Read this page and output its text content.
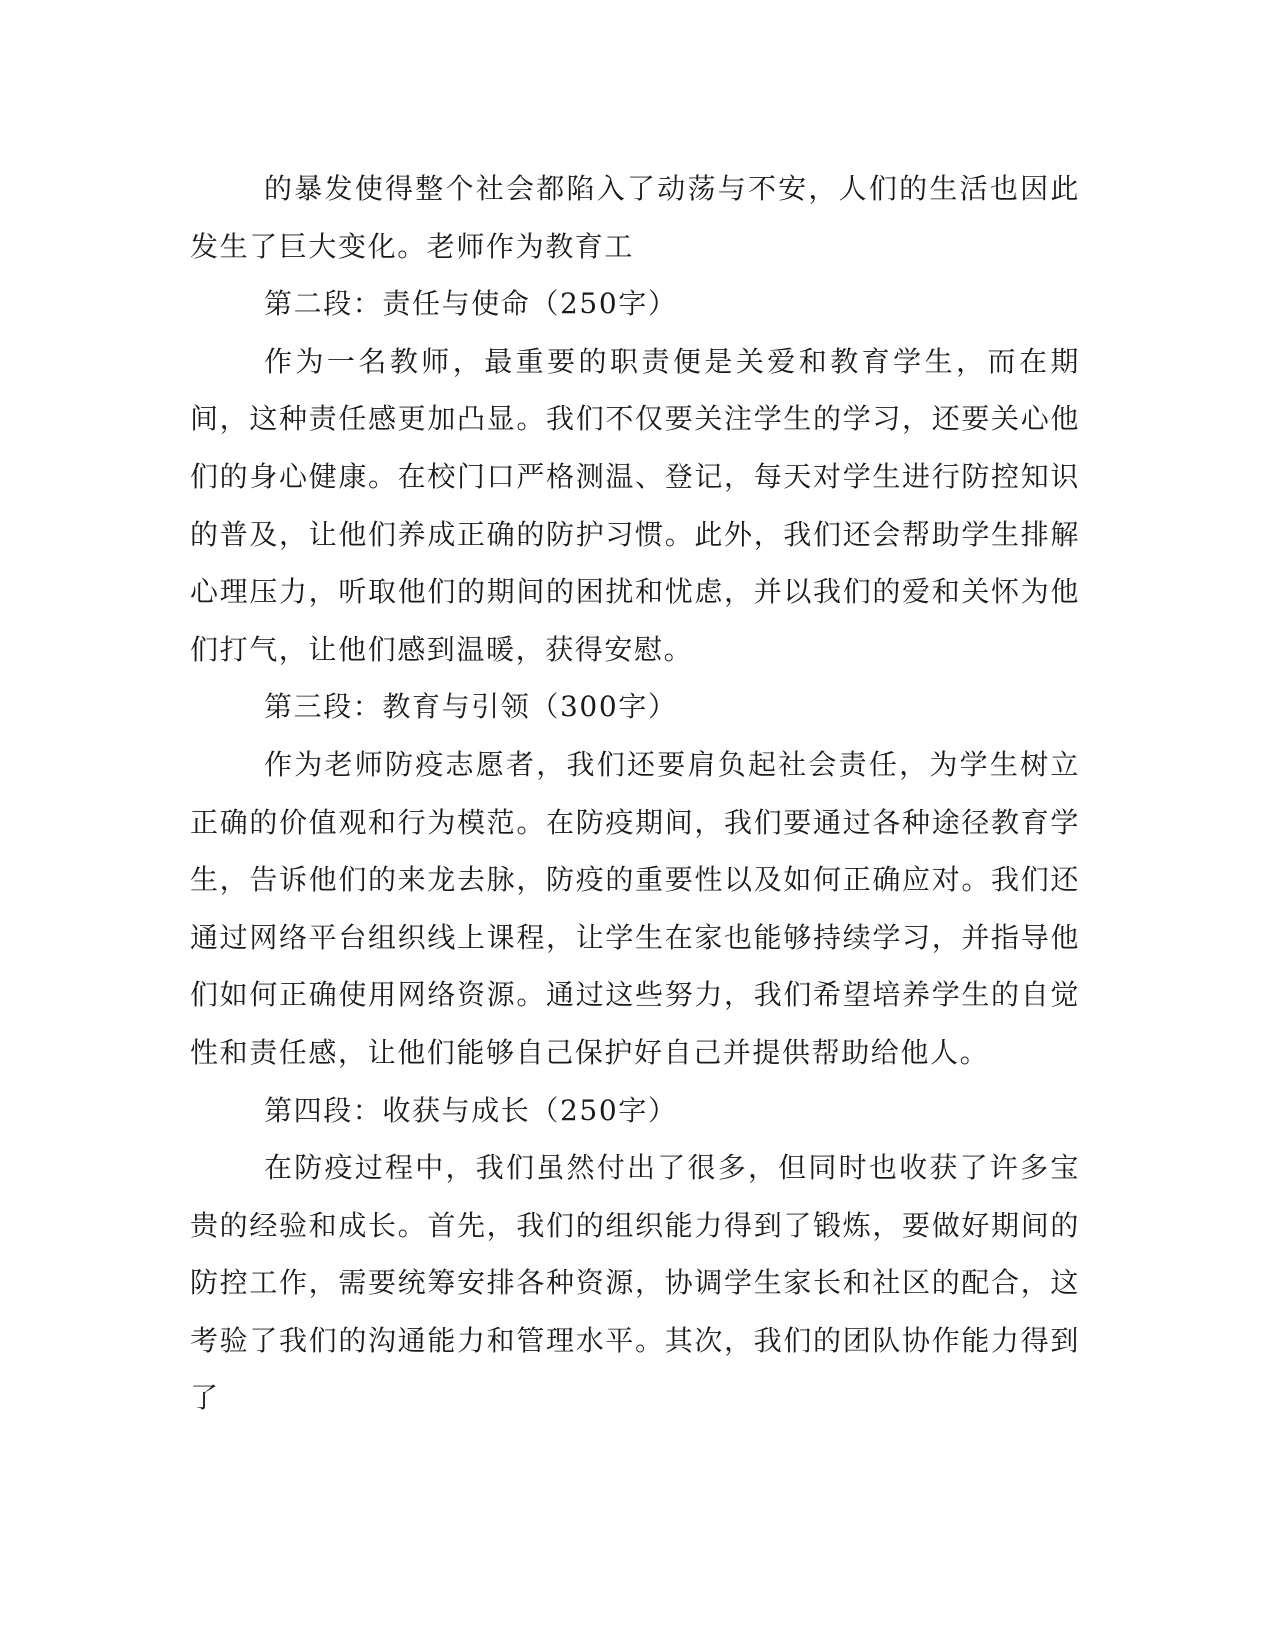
的暴发使得整个社会都陷入了动荡与不安，人们的生活也因此发生了巨大变化。老师作为教育工

第二段：责任与使命（250字）

作为一名教师，最重要的职责便是关爱和教育学生，而在期间，这种责任感更加凸显。我们不仅要关注学生的学习，还要关心他们的身心健康。在校门口严格测温、登记，每天对学生进行防控知识的普及，让他们养成正确的防护习惯。此外，我们还会帮助学生排解心理压力，听取他们的期间的困扰和忧虑，并以我们的爱和关怀为他们打气，让他们感到温暖，获得安慰。

第三段：教育与引领（300字）

作为老师防疫志愿者，我们还要肩负起社会责任，为学生树立正确的价值观和行为模范。在防疫期间，我们要通过各种途径教育学生，告诉他们的来龙去脉，防疫的重要性以及如何正确应对。我们还通过网络平台组织线上课程，让学生在家也能够持续学习，并指导他们如何正确使用网络资源。通过这些努力，我们希望培养学生的自觉性和责任感，让他们能够自己保护好自己并提供帮助给他人。

第四段：收获与成长（250字）

在防疫过程中，我们虽然付出了很多，但同时也收获了许多宝贵的经验和成长。首先，我们的组织能力得到了锻炼，要做好期间的防控工作，需要统筹安排各种资源，协调学生家长和社区的配合，这考验了我们的沟通能力和管理水平。其次，我们的团队协作能力得到了
